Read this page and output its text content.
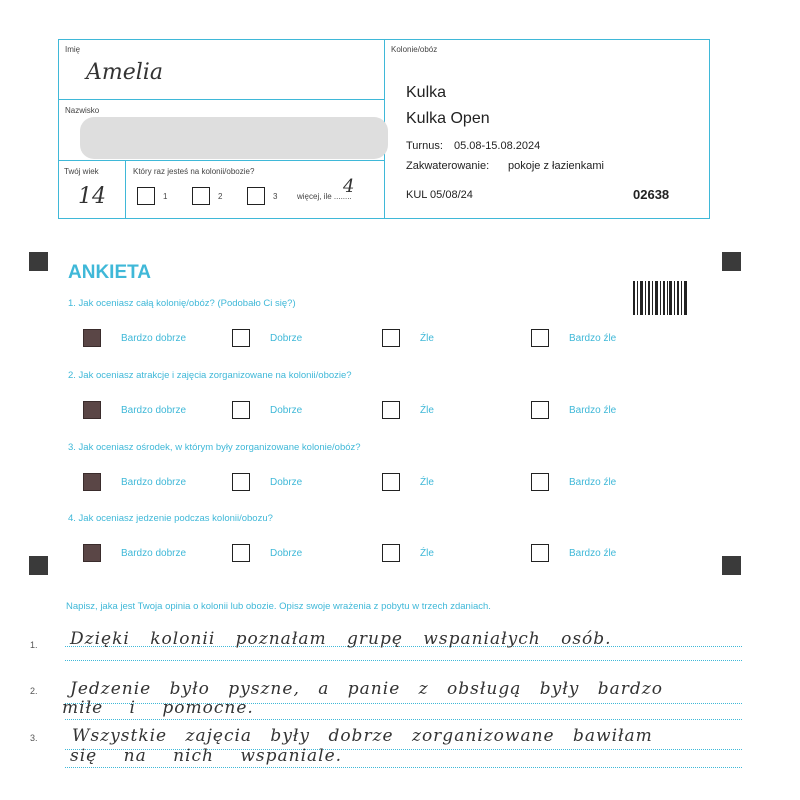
Imię
Amelia
Nazwisko
Twój wiek
14
Który raz jesteś na kolonii/obozie?
1	2	3 więcej, ile ........
4
Kolonie/obóz
Kulka
Kulka Open
Turnus: 05.08-15.08.2024
Zakwaterowanie: pokoje z łazienkami
KUL 05/08/24	02638
ANKIETA
1. Jak oceniasz całą kolonię/obóz? (Podobało Ci się?)
Bardzo dobrze	Dobrze	Źle	Bardzo źle
2. Jak oceniasz atrakcje i zajęcia zorganizowane na kolonii/obozie?
Bardzo dobrze	Dobrze	Źle	Bardzo źle
3. Jak oceniasz ośrodek, w którym były zorganizowane kolonie/obóz?
Bardzo dobrze	Dobrze	Źle	Bardzo źle
4. Jak oceniasz jedzenie podczas kolonii/obozu?
Bardzo dobrze	Dobrze	Źle	Bardzo źle
Napisz, jaka jest Twoja opinia o kolonii lub obozie. Opisz swoje wrażenia z pobytu w trzech zdaniach.
1.
2.
3.
Dzięki kolonii poznałam grupę wspaniałych osób.
Jedzenie było pyszne, a panie z obsługą były bardzo
miłe i pomocne.
Wszystkie zajęcia były dobrze zorganizowane bawiłam
się na nich wspaniale.
